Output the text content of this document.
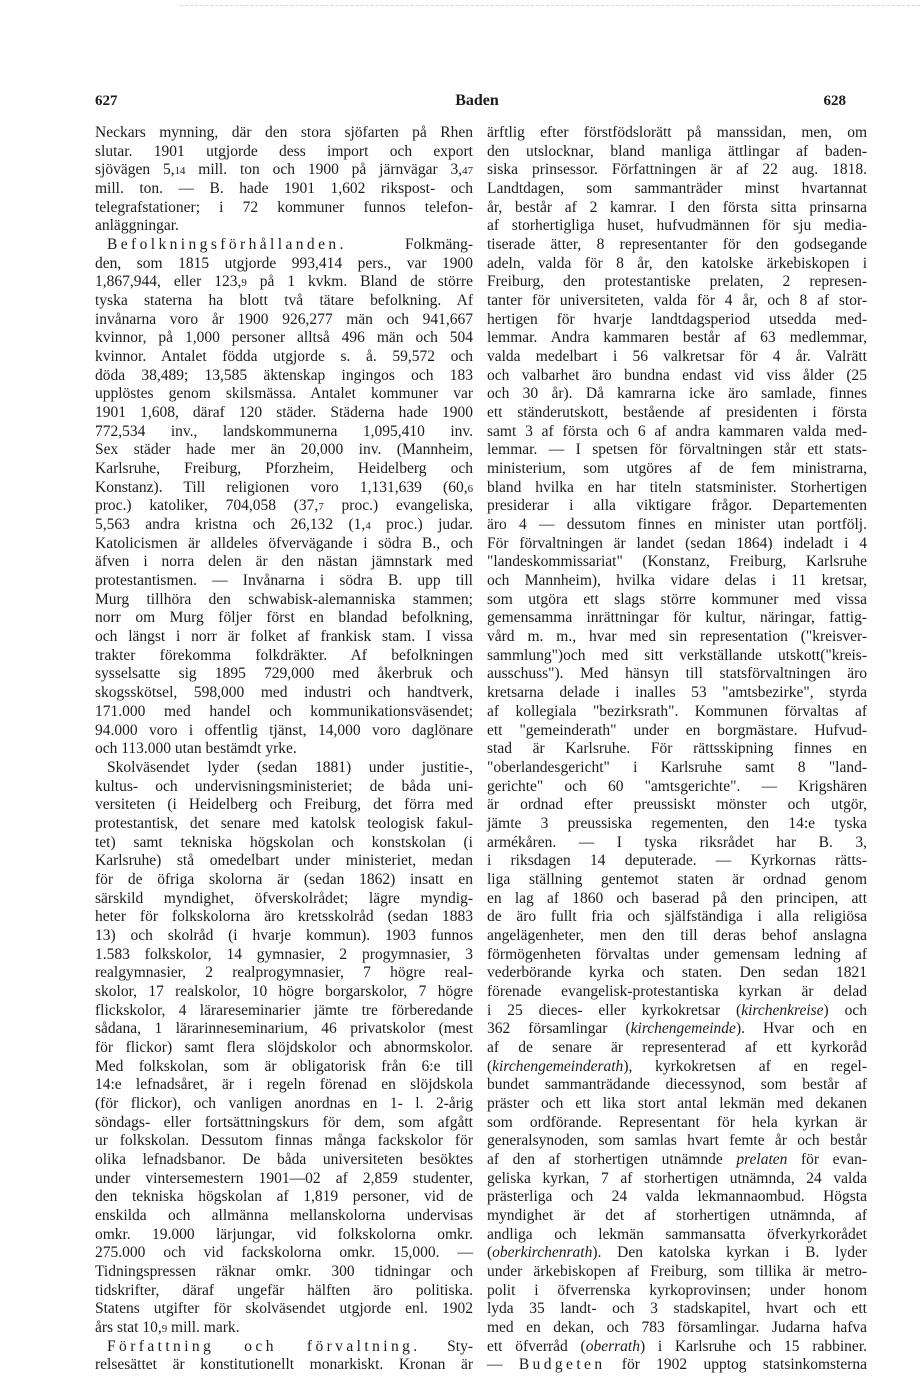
627	Baden	628
Neckars mynning, där den stora sjöfarten på Rhen
slutar. 1901 utgjorde dess import och export
sjövägen 5,14 mill. ton och 1900 på järnvägar 3,47
mill. ton. — B. hade 1901 1,602 rikspost- och
telegrafstationer; i 72 kommuner funnos telefon-
anläggningar.
Befolkningsförhållanden. Folkmäng-
den, som 1815 utgjorde 993,414 pers., var 1900
1,867,944, eller 123,9 på 1 kvkm. Bland de större
tyska staterna ha blott två tätare befolkning. Af
invånarna voro år 1900 926,277 män och 941,667
kvinnor, på 1,000 personer alltså 496 män och 504
kvinnor. Antalet födda utgjorde s. å. 59,572 och
döda 38,489; 13,585 äktenskap ingingos och 183
upplöstes genom skilsmässa. Antalet kommuner var
1901 1,608, däraf 120 städer. Städerna hade 1900
772,534 inv., landskommunerna 1,095,410 inv.
Sex städer hade mer än 20,000 inv. (Mannheim,
Karlsruhe, Freiburg, Pforzheim, Heidelberg och
Konstanz). Till religionen voro 1,131,639 (60,6
proc.) katoliker, 704,058 (37,7 proc.) evangeliska,
5,563 andra kristna och 26,132 (1,4 proc.) judar.
Katolicismen är alldeles öfvervägande i södra B., och
äfven i norra delen är den nästan jämnstark med
protestantismen. — Invånarna i södra B. upp till
Murg tillhöra den schwabisk-alemanniska stammen;
norr om Murg följer först en blandad befolkning,
och längst i norr är folket af frankisk stam. I vissa
trakter förekomma folkdräkter. Af befolkningen
sysselsatte sig 1895 729,000 med åkerbruk och
skogsskötsel, 598,000 med industri och handtverk,
171.000 med handel och kommunikationsväsendet;
94.000 voro i offentlig tjänst, 14,000 voro daglönare
och 113.000 utan bestämdt yrke.
Skolväsendet lyder (sedan 1881) under justitie-,
kultus- och undervisningsministeriet; de båda uni-
versiteten (i Heidelberg och Freiburg, det förra med
protestantisk, det senare med katolsk teologisk fakul-
tet) samt tekniska högskolan och konstskolan (i
Karlsruhe) stå omedelbart under ministeriet, medan
för de öfriga skolorna är (sedan 1862) insatt en
särskild myndighet, öfverskolrådet; lägre myndig-
heter för folkskolorna äro kretsskolråd (sedan 1883
13) och skolråd (i hvarje kommun). 1903 funnos
1.583 folkskolor, 14 gymnasier, 2 progymnasier, 3
realgymnasier, 2 realprogymnasier, 7 högre real-
skolor, 17 realskolor, 10 högre borgarskolor, 7 högre
flickskolor, 4 lärareseminarier jämte tre förberedande
sådana, 1 lärarinneseminarium, 46 privatskolor (mest
för flickor) samt flera slöjdskolor och abnormskolor.
Med folkskolan, som är obligatorisk från 6:e till
14:e lefnadsåret, är i regeln förenad en slöjdskola
(för flickor), och vanligen anordnas en 1- l. 2-årig
söndags- eller fortsättningskurs för dem, som afgått
ur folkskolan. Dessutom finnas många fackskolor för
olika lefnadsbanor. De båda universiteten besöktes
under vintersemestern 1901—02 af 2,859 studenter,
den tekniska högskolan af 1,819 personer, vid de
enskilda och allmänna mellanskolorna undervisas
omkr. 19.000 lärjungar, vid folkskolorna omkr.
275.000 och vid fackskolorna omkr. 15,000. —
Tidningspressen räknar omkr. 300 tidningar och
tidskrifter, däraf ungefär hälften äro politiska.
Statens utgifter för skolväsendet utgjorde enl. 1902
års stat 10,9 mill. mark.
Författning och förvaltning. Sty-
relsesättet är konstitutionellt monarkiskt. Kronan är
ärftlig efter förstfödslorätt på manssidan, men, om
den utslocknar, bland manliga ättlingar af baden-
siska prinsessor. Författningen är af 22 aug. 1818.
Landtdagen, som sammanträder minst hvartannat
år, består af 2 kamrar. I den första sitta prinsarna
af storhertigliga huset, hufvudmännen för sju media-
tiserade ätter, 8 representanter för den godsegande
adeln, valda för 8 år, den katolske ärkebiskopen i
Freiburg, den protestantiske prelaten, 2 represen-
tanter för universiteten, valda för 4 år, och 8 af stor-
hertigen för hvarje landtdagsperiod utsedda med-
lemmar. Andra kammaren består af 63 medlemmar,
valda medelbart i 56 valkretsar för 4 år. Valrätt
och valbarhet äro bundna endast vid viss ålder (25
och 30 år). Då kamrarna icke äro samlade, finnes
ett ständerutskott, bestående af presidenten i första
samt 3 af första och 6 af andra kammaren valda med-
lemmar. — I spetsen för förvaltningen står ett stats-
ministerium, som utgöres af de fem ministrarna,
bland hvilka en har titeln statsminister. Storhertigen
presiderar i alla viktigare frågor. Departementen
äro 4 — dessutom finnes en minister utan portfölj.
För förvaltningen är landet (sedan 1864) indeladt i 4
"landeskommissariat" (Konstanz, Freiburg, Karlsruhe
och Mannheim), hvilka vidare delas i 11 kretsar,
som utgöra ett slags större kommuner med vissa
gemensamma inrättningar för kultur, näringar, fattig-
vård m. m., hvar med sin representation ("kreisver-
sammlung")och med sitt verkställande utskott("kreis-
ausschuss"). Med hänsyn till statsförvaltningen äro
kretsarna delade i inalles 53 "amtsbezirke", styrda
af kollegiala "bezirksrath". Kommunen förvaltas af
ett "gemeinderath" under en borgmästare. Hufvud-
stad är Karlsruhe. För rättsskipning finnes en
"oberlandesgericht" i Karlsruhe samt 8 "land-
gerichte" och 60 "amtsgerichte". — Krigshären
är ordnad efter preussiskt mönster och utgör,
jämte 3 preussiska regementen, den 14:e tyska
armékåren. — I tyska riksrådet har B. 3,
i riksdagen 14 deputerade. — Kyrkornas rätts-
liga ställning gentemot staten är ordnad genom
en lag af 1860 och baserad på den principen, att
de äro fullt fria och själfständiga i alla religiösa
angelägenheter, men den till deras behof anslagna
förmögenheten förvaltas under gemensam ledning af
vederbörande kyrka och staten. Den sedan 1821
förenade evangelisk-protestantiska kyrkan är delad
i 25 dieces- eller kyrkokretsar (kirchenkreise) och
362 församlingar (kirchengemeinde). Hvar och en
af de senare är representerad af ett kyrkoråd
(kirchengemeinderath), kyrkokretsen af en regel-
bundet sammanträdande diecessynod, som består af
präster och ett lika stort antal lekmän med dekanen
som ordförande. Representant för hela kyrkan är
generalsynoden, som samlas hvart femte år och består
af den af storhertigen utnämnde prelaten för evan-
geliska kyrkan, 7 af storhertigen utnämnda, 24 valda
prästerliga och 24 valda lekmannaombud. Högsta
myndighet är det af storhertigen utnämnda, af
andliga och lekmän sammansatta öfverkyrkorådet
(oberkirchenrath). Den katolska kyrkan i B. lyder
under ärkebiskopen af Freiburg, som tillika är metro-
polit i öfverrenska kyrkoprovinsen; under honom
lyda 35 landt- och 3 stadskapitel, hvart och ett
med en dekan, och 783 församlingar. Judarna hafva
ett öfverråd (oberrath) i Karlsruhe och 15 rabbiner.
— Budgeten för 1902 upptog statsinkomsterna
